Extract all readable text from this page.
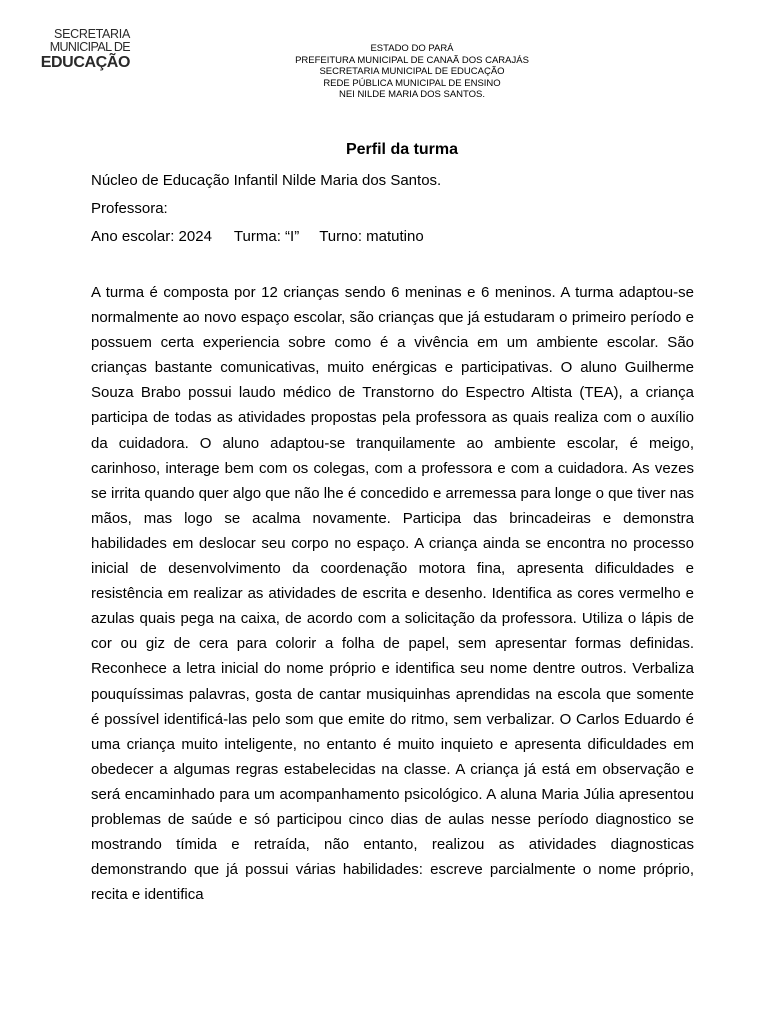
SECRETARIA
MUNICIPAL DE
EDUCAÇÃO
ESTADO DO PARÁ
PREFEITURA MUNICIPAL DE CANAÃ DOS CARAJÁS
SECRETARIA MUNICIPAL DE EDUCAÇÃO
REDE PÚBLICA MUNICIPAL DE ENSINO
NEI NILDE MARIA DOS SANTOS.
Perfil da turma
Núcleo de Educação Infantil Nilde Maria dos Santos.
Professora:
Ano escolar: 2024 Turma: “I” Turno: matutino
A turma é composta por 12 crianças sendo 6 meninas e 6 meninos. A turma adaptou-se normalmente ao novo espaço escolar, são crianças que já estudaram o primeiro período e possuem certa experiencia sobre como é a vivência em um ambiente escolar. São crianças bastante comunicativas, muito enérgicas e participativas. O aluno Guilherme Souza Brabo possui laudo médico de Transtorno do Espectro Altista (TEA), a criança participa de todas as atividades propostas pela professora as quais realiza com o auxílio da cuidadora. O aluno adaptou-se tranquilamente ao ambiente escolar, é meigo, carinhoso, interage bem com os colegas, com a professora e com a cuidadora. As vezes se irrita quando quer algo que não lhe é concedido e arremessa para longe o que tiver nas mãos, mas logo se acalma novamente. Participa das brincadeiras e demonstra habilidades em deslocar seu corpo no espaço. A criança ainda se encontra no processo inicial de desenvolvimento da coordenação motora fina, apresenta dificuldades e resistência em realizar as atividades de escrita e desenho. Identifica as cores vermelho e azulas quais pega na caixa, de acordo com a solicitação da professora. Utiliza o lápis de cor ou giz de cera para colorir a folha de papel, sem apresentar formas definidas. Reconhece a letra inicial do nome próprio e identifica seu nome dentre outros. Verbaliza pouquíssimas palavras, gosta de cantar musiquinhas aprendidas na escola que somente é possível identificá-las pelo som que emite do ritmo, sem verbalizar. O Carlos Eduardo é uma criança muito inteligente, no entanto é muito inquieto e apresenta dificuldades em obedecer a algumas regras estabelecidas na classe. A criança já está em observação e será encaminhado para um acompanhamento psicológico. A aluna Maria Júlia apresentou problemas de saúde e só participou cinco dias de aulas nesse período diagnostico se mostrando tímida e retraída, não entanto, realizou as atividades diagnosticas demonstrando que já possui várias habilidades: escreve parcialmente o nome próprio, recita e identifica
